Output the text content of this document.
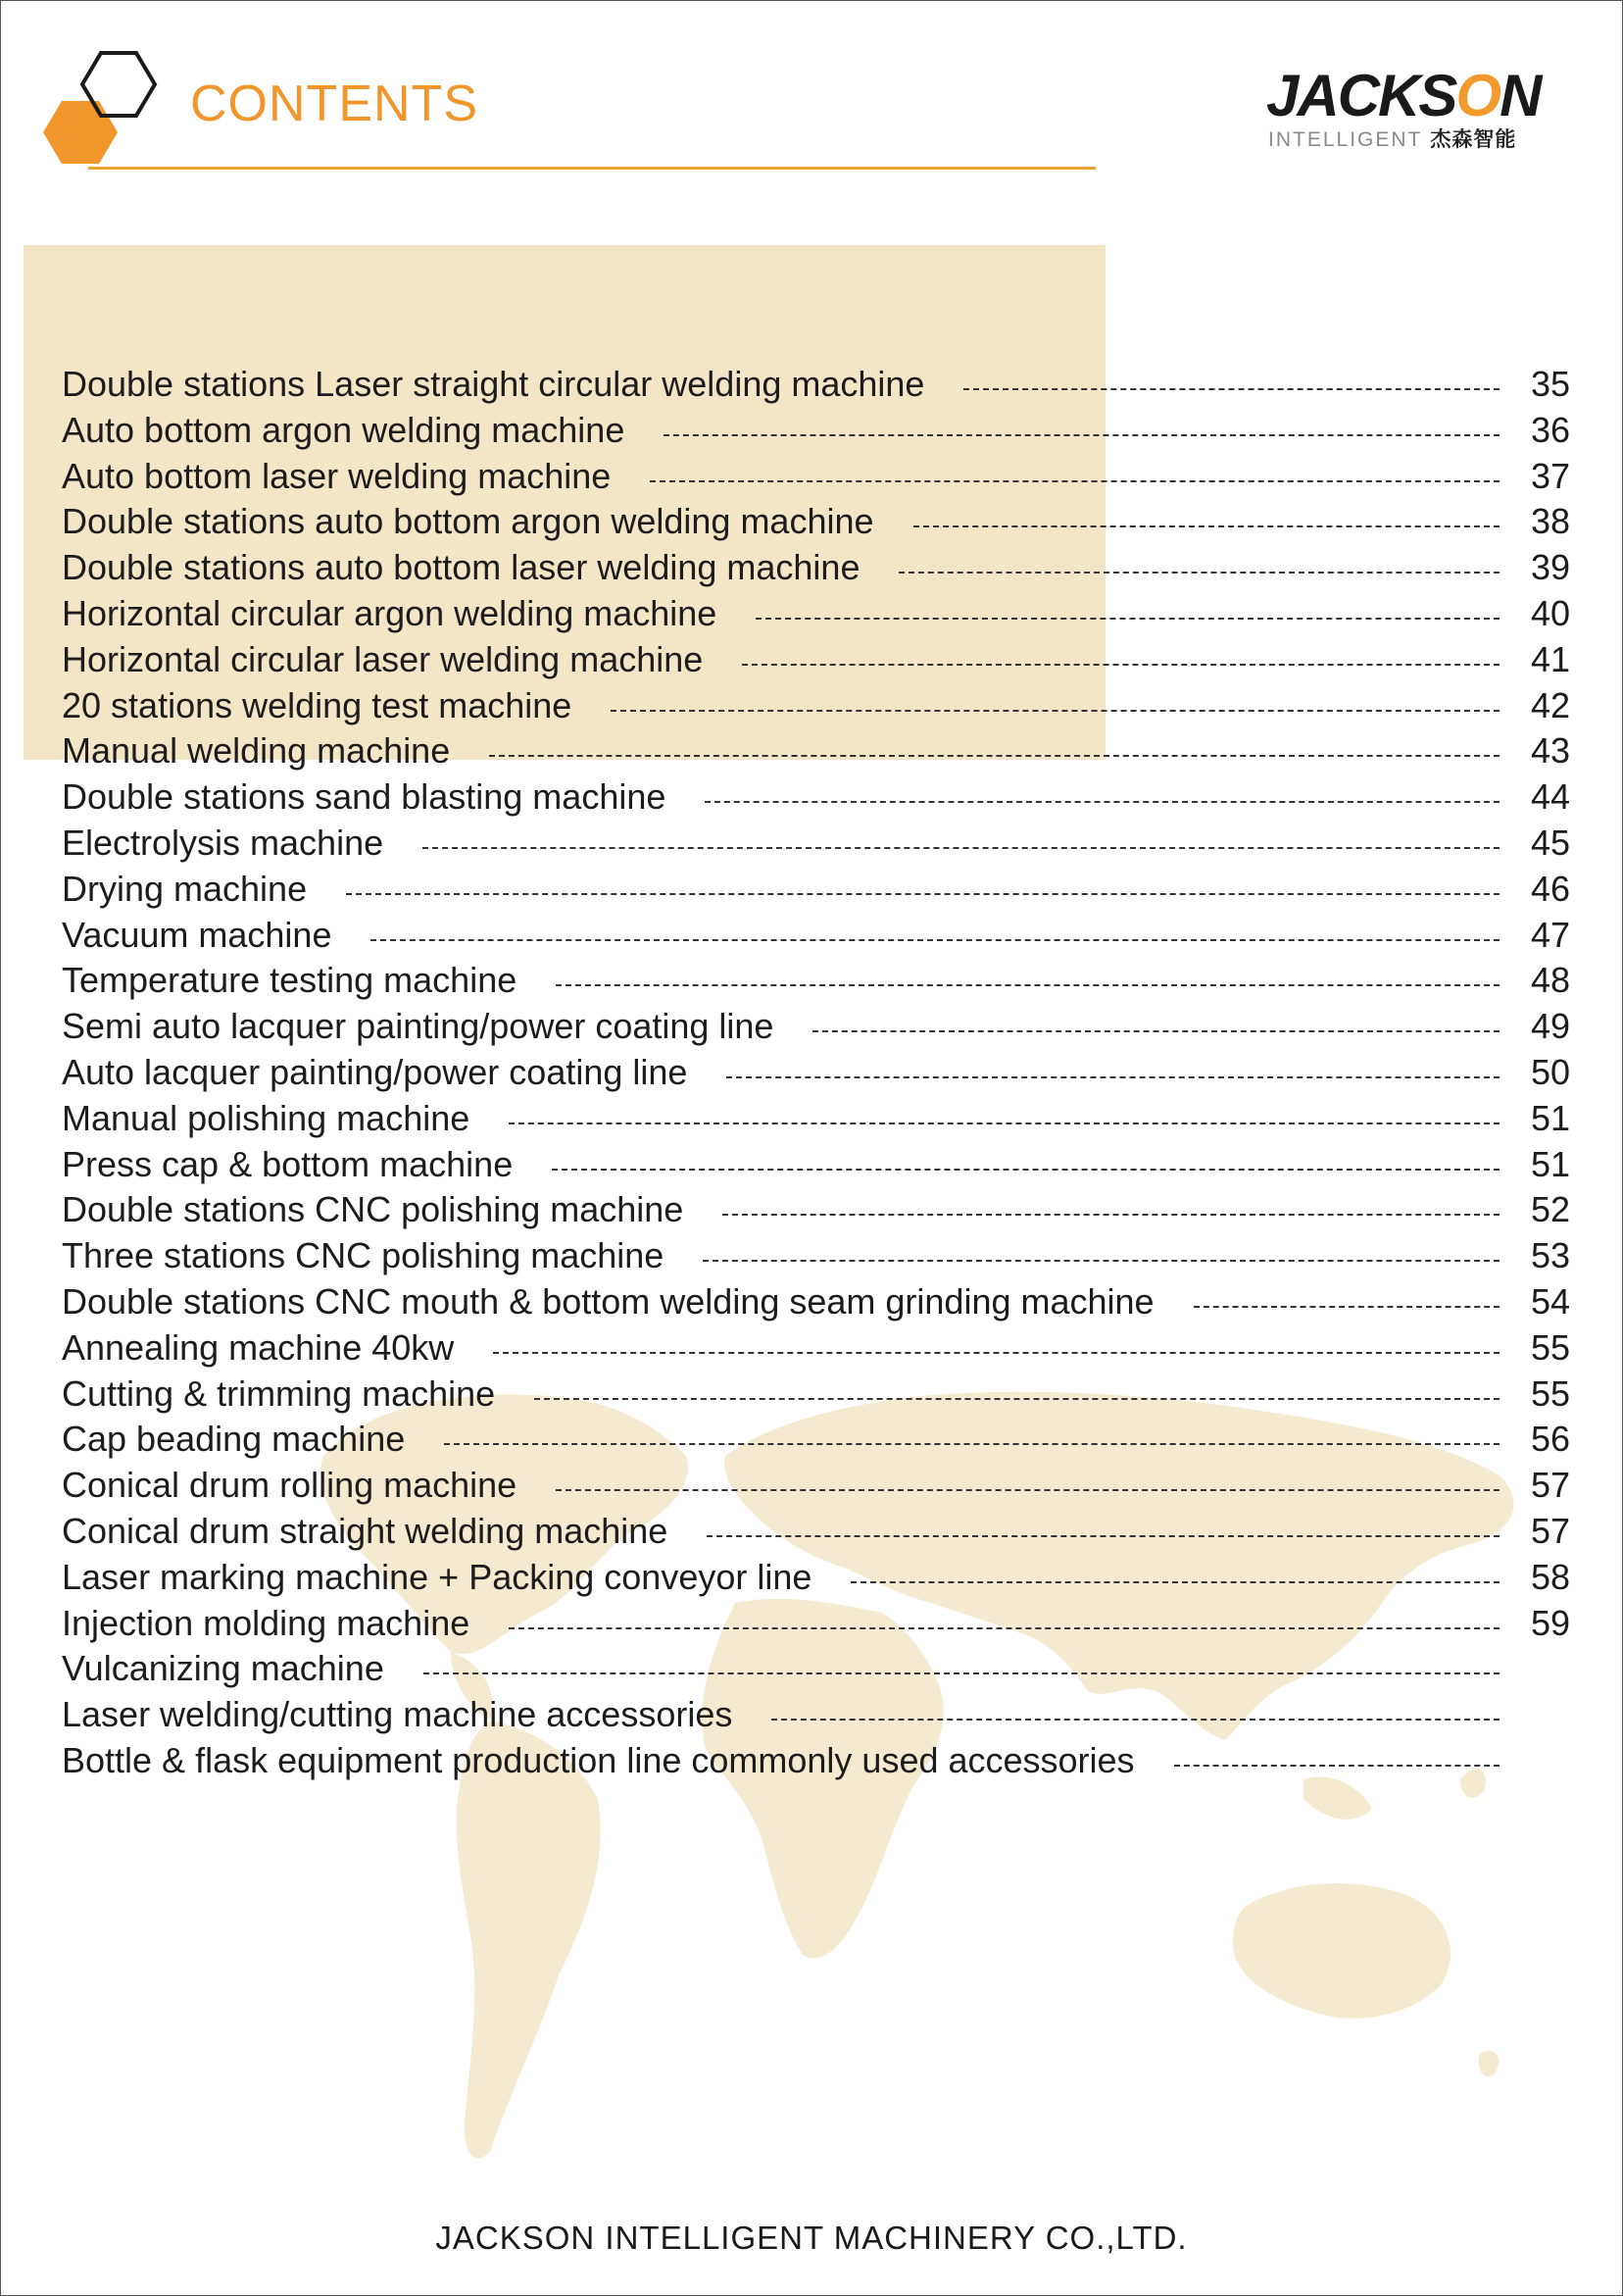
CONTENTS	JACKSON
INTELLIGENT 杰森智能
Double stations Laser straight circular welding machine	35
Auto bottom argon welding machine	36
Auto bottom laser welding machine	37
Double stations auto bottom argon welding machine	38
Double stations auto bottom laser welding machine	39
Horizontal circular argon welding machine	40
Horizontal circular laser welding machine	41
20 stations welding test machine	42
Manual welding machine	43
Double stations sand blasting machine	44
Electrolysis machine	45
Drying machine	46
Vacuum machine	47
Temperature testing machine	48
Semi auto lacquer painting/power coating line	49
Auto lacquer painting/power coating line	50
Manual polishing machine	51
Press cap & bottom machine	51
Double stations CNC polishing machine	52
Three stations CNC polishing machine	53
Double stations CNC mouth & bottom welding seam grinding machine	54
Annealing machine 40kw	55
Cutting & trimming machine	55
Cap beading machine	56
Conical drum rolling machine	57
Conical drum straight welding machine	57
Laser marking machine + Packing conveyor line	58
Injection molding machine	59
Vulcanizing machine
Laser welding/cutting machine accessories
Bottle & flask equipment production line commonly used accessories
JACKSON INTELLIGENT MACHINERY CO.,LTD.
